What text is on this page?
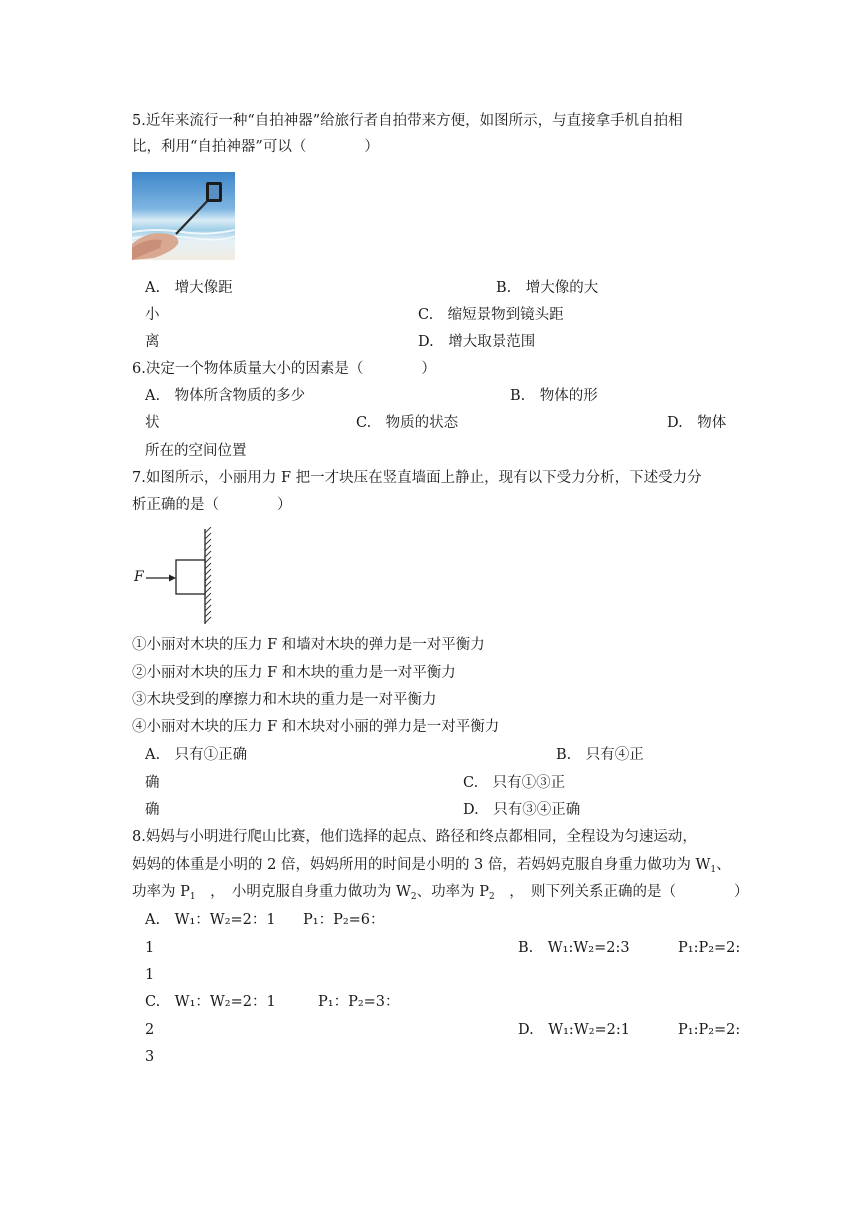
5.近年来流行一种“自拍神器”给旅行者自拍带来方便，如图所示，与直接拿手机自拍相
比，利用“自拍神器”可以（　　　　）
A.　增大像距	B.　增大像的大
小	C.　缩短景物到镜头距
离	D.　增大取景范围
6.决定一个物体质量大小的因素是（　　　　）
A.　物体所含物质的多少	B.　物体的形
状	C.　物质的状态	D.　物体
所在的空间位置
7.如图所示，小丽用力 F 把一才块压在竖直墙面上静止，现有以下受力分析，下述受力分
析正确的是（　　　　）
F
①小丽对木块的压力 F 和墙对木块的弹力是一对平衡力
②小丽对木块的压力 F 和木块的重力是一对平衡力
③木块受到的摩擦力和木块的重力是一对平衡力
④小丽对木块的压力 F 和木块对小丽的弹力是一对平衡力
A.　只有①正确	B.　只有④正
确	C.　只有①③正
确	D.　只有③④正确
8.妈妈与小明进行爬山比赛，他们选择的起点、路径和终点都相同，全程设为匀速运动，
妈妈的体重是小明的 2 倍，妈妈所用的时间是小明的 3 倍，若妈妈克服自身重力做功为 $W_1$、
功率为 $P_1$　，　小明克服自身重力做功为 $W_2$、功率为 $P_2$　，　则下列关系正确的是（　　　　）
A.　W₁：W₂=2：1 P₁：P₂=6：
1	B.　W₁:W₂=2:3	P₁:P₂=2:
1
C.　W₁：W₂=2：1	P₁：P₂=3：
2	D.　W₁:W₂=2:1	P₁:P₂=2:
3
